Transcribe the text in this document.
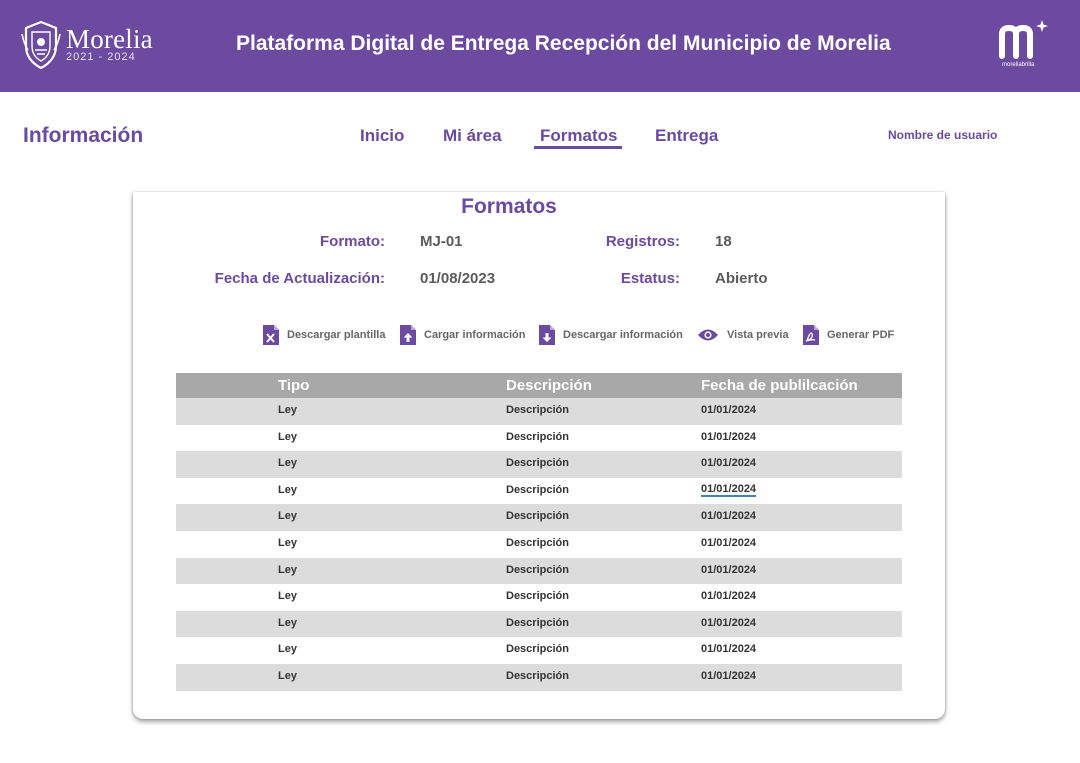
Morelia
2021 - 2024
Plataforma Digital de Entrega Recepción del Municipio de Morelia
moreliabrilla
Información	Inicio Mi área Formatos Entrega	Nombre de usuario
Formatos
Formato: MJ-01	Registros: 18
Fecha de Actualización: 01/08/2023	Estatus: Abierto
Descargar plantilla	Cargar información	Descargar información	Vista previa	Generar PDF
Tipo	Descripción	Fecha de publilcación
Ley	Descripción	01/01/2024
Ley	Descripción	01/01/2024
Ley	Descripción	01/01/2024
Ley	Descripción	01/01/2024
Ley	Descripción	01/01/2024
Ley	Descripción	01/01/2024
Ley	Descripción	01/01/2024
Ley	Descripción	01/01/2024
Ley	Descripción	01/01/2024
Ley	Descripción	01/01/2024
Ley	Descripción	01/01/2024
